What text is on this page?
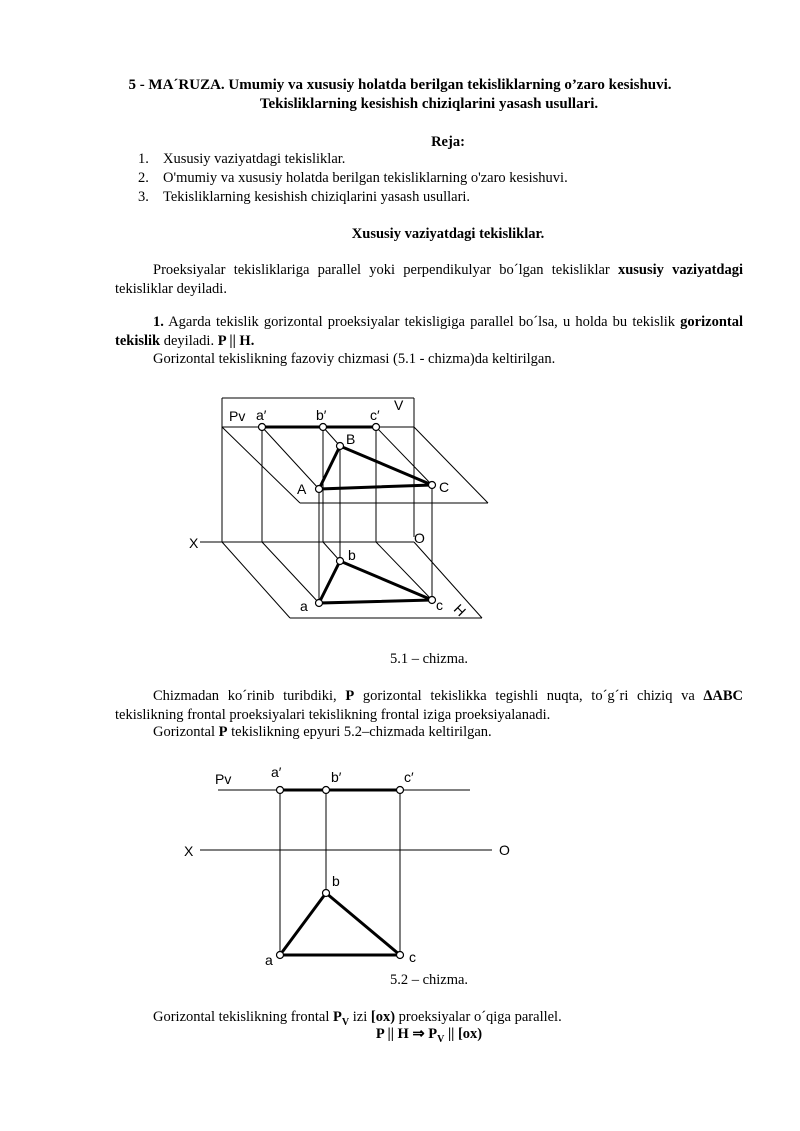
5 - MA´RUZA. Umumiy va xususiy holatda berilgan tekisliklarning o’zaro kesishuvi.
Tekisliklarning kesishish chiziqlarini yasash usullari.
Reja:
1. Xususiy vaziyatdagi tekisliklar.
2. O'mumiy va xususiy holatda berilgan tekisliklarning o'zaro kesishuvi.
3. Tekisliklarning kesishish chiziqlarini yasash usullari.
Xususiy vaziyatdagi tekisliklar.
Proeksiyalar tekisliklariga parallel yoki perpendikulyar bo´lgan tekisliklar xususiy vaziyatdagi tekisliklar deyiladi.
1. Agarda tekislik gorizontal proeksiyalar tekisligiga parallel bo´lsa, u holda bu tekislik gorizontal tekislik deyiladi. P || H.
Gorizontal tekislikning fazoviy chizmasi (5.1 - chizma)da keltirilgan.
Pv a′	b′	c′
V
B
A	C
X	O
b
a	c H
5.1 – chizma.
Chizmadan ko´rinib turibdiki, P gorizontal tekislikka tegishli nuqta, to´g´ri chiziq va ∆ABC tekislikning frontal proeksiyalari tekislikning frontal iziga proeksiyalanadi.
Gorizontal P tekislikning epyuri 5.2–chizmada keltirilgan.
Pv	a′	b′	c′
X	O
b
a	c
5.2 – chizma.
Gorizontal tekislikning frontal $P_V$ izi [ox) proeksiyalar o´qiga parallel.
P || H ⇒ $P_V$ || [ox)
